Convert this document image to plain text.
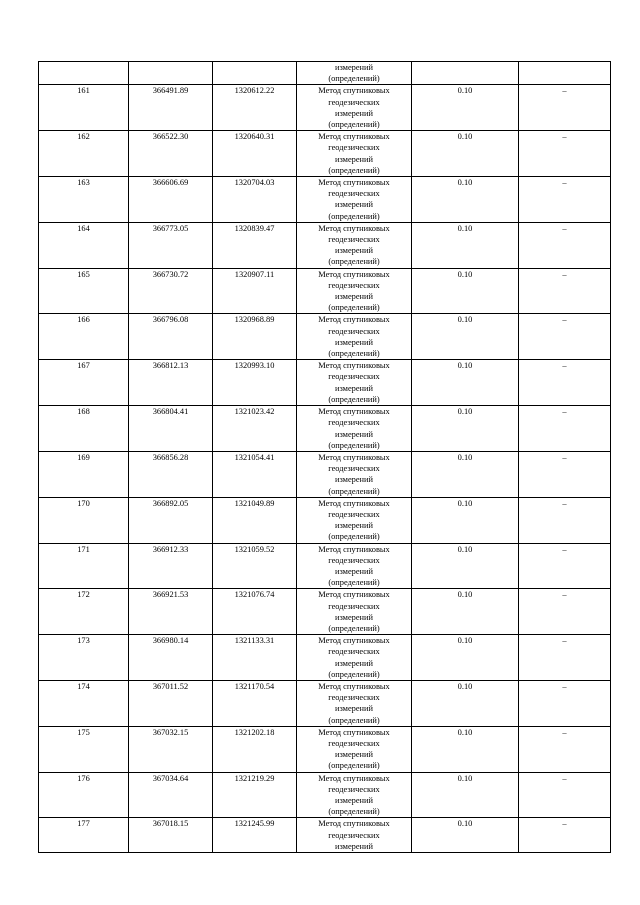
			измерений
(определений)		

161	366491.89	1320612.22	Метод спутниковых
геодезических
измерений
(определений)	0.10	–
162	366522.30	1320640.31	Метод спутниковых
геодезических
измерений
(определений)	0.10	–
163	366606.69	1320704.03	Метод спутниковых
геодезических
измерений
(определений)	0.10	–
164	366773.05	1320839.47	Метод спутниковых
геодезических
измерений
(определений)	0.10	–
165	366730.72	1320907.11	Метод спутниковых
геодезических
измерений
(определений)	0.10	–
166	366796.08	1320968.89	Метод спутниковых
геодезических
измерений
(определений)	0.10	–
167	366812.13	1320993.10	Метод спутниковых
геодезических
измерений
(определений)	0.10	–
168	366804.41	1321023.42	Метод спутниковых
геодезических
измерений
(определений)	0.10	–
169	366856.28	1321054.41	Метод спутниковых
геодезических
измерений
(определений)	0.10	–
170	366892.05	1321049.89	Метод спутниковых
геодезических
измерений
(определений)	0.10	–
171	366912.33	1321059.52	Метод спутниковых
геодезических
измерений
(определений)	0.10	–
172	366921.53	1321076.74	Метод спутниковых
геодезических
измерений
(определений)	0.10	–
173	366980.14	1321133.31	Метод спутниковых
геодезических
измерений
(определений)	0.10	–
174	367011.52	1321170.54	Метод спутниковых
геодезических
измерений
(определений)	0.10	–
175	367032.15	1321202.18	Метод спутниковых
геодезических
измерений
(определений)	0.10	–
176	367034.64	1321219.29	Метод спутниковых
геодезических
измерений
(определений)	0.10	–
177	367018.15	1321245.99	Метод спутниковых
геодезических
измерений	0.10	–
